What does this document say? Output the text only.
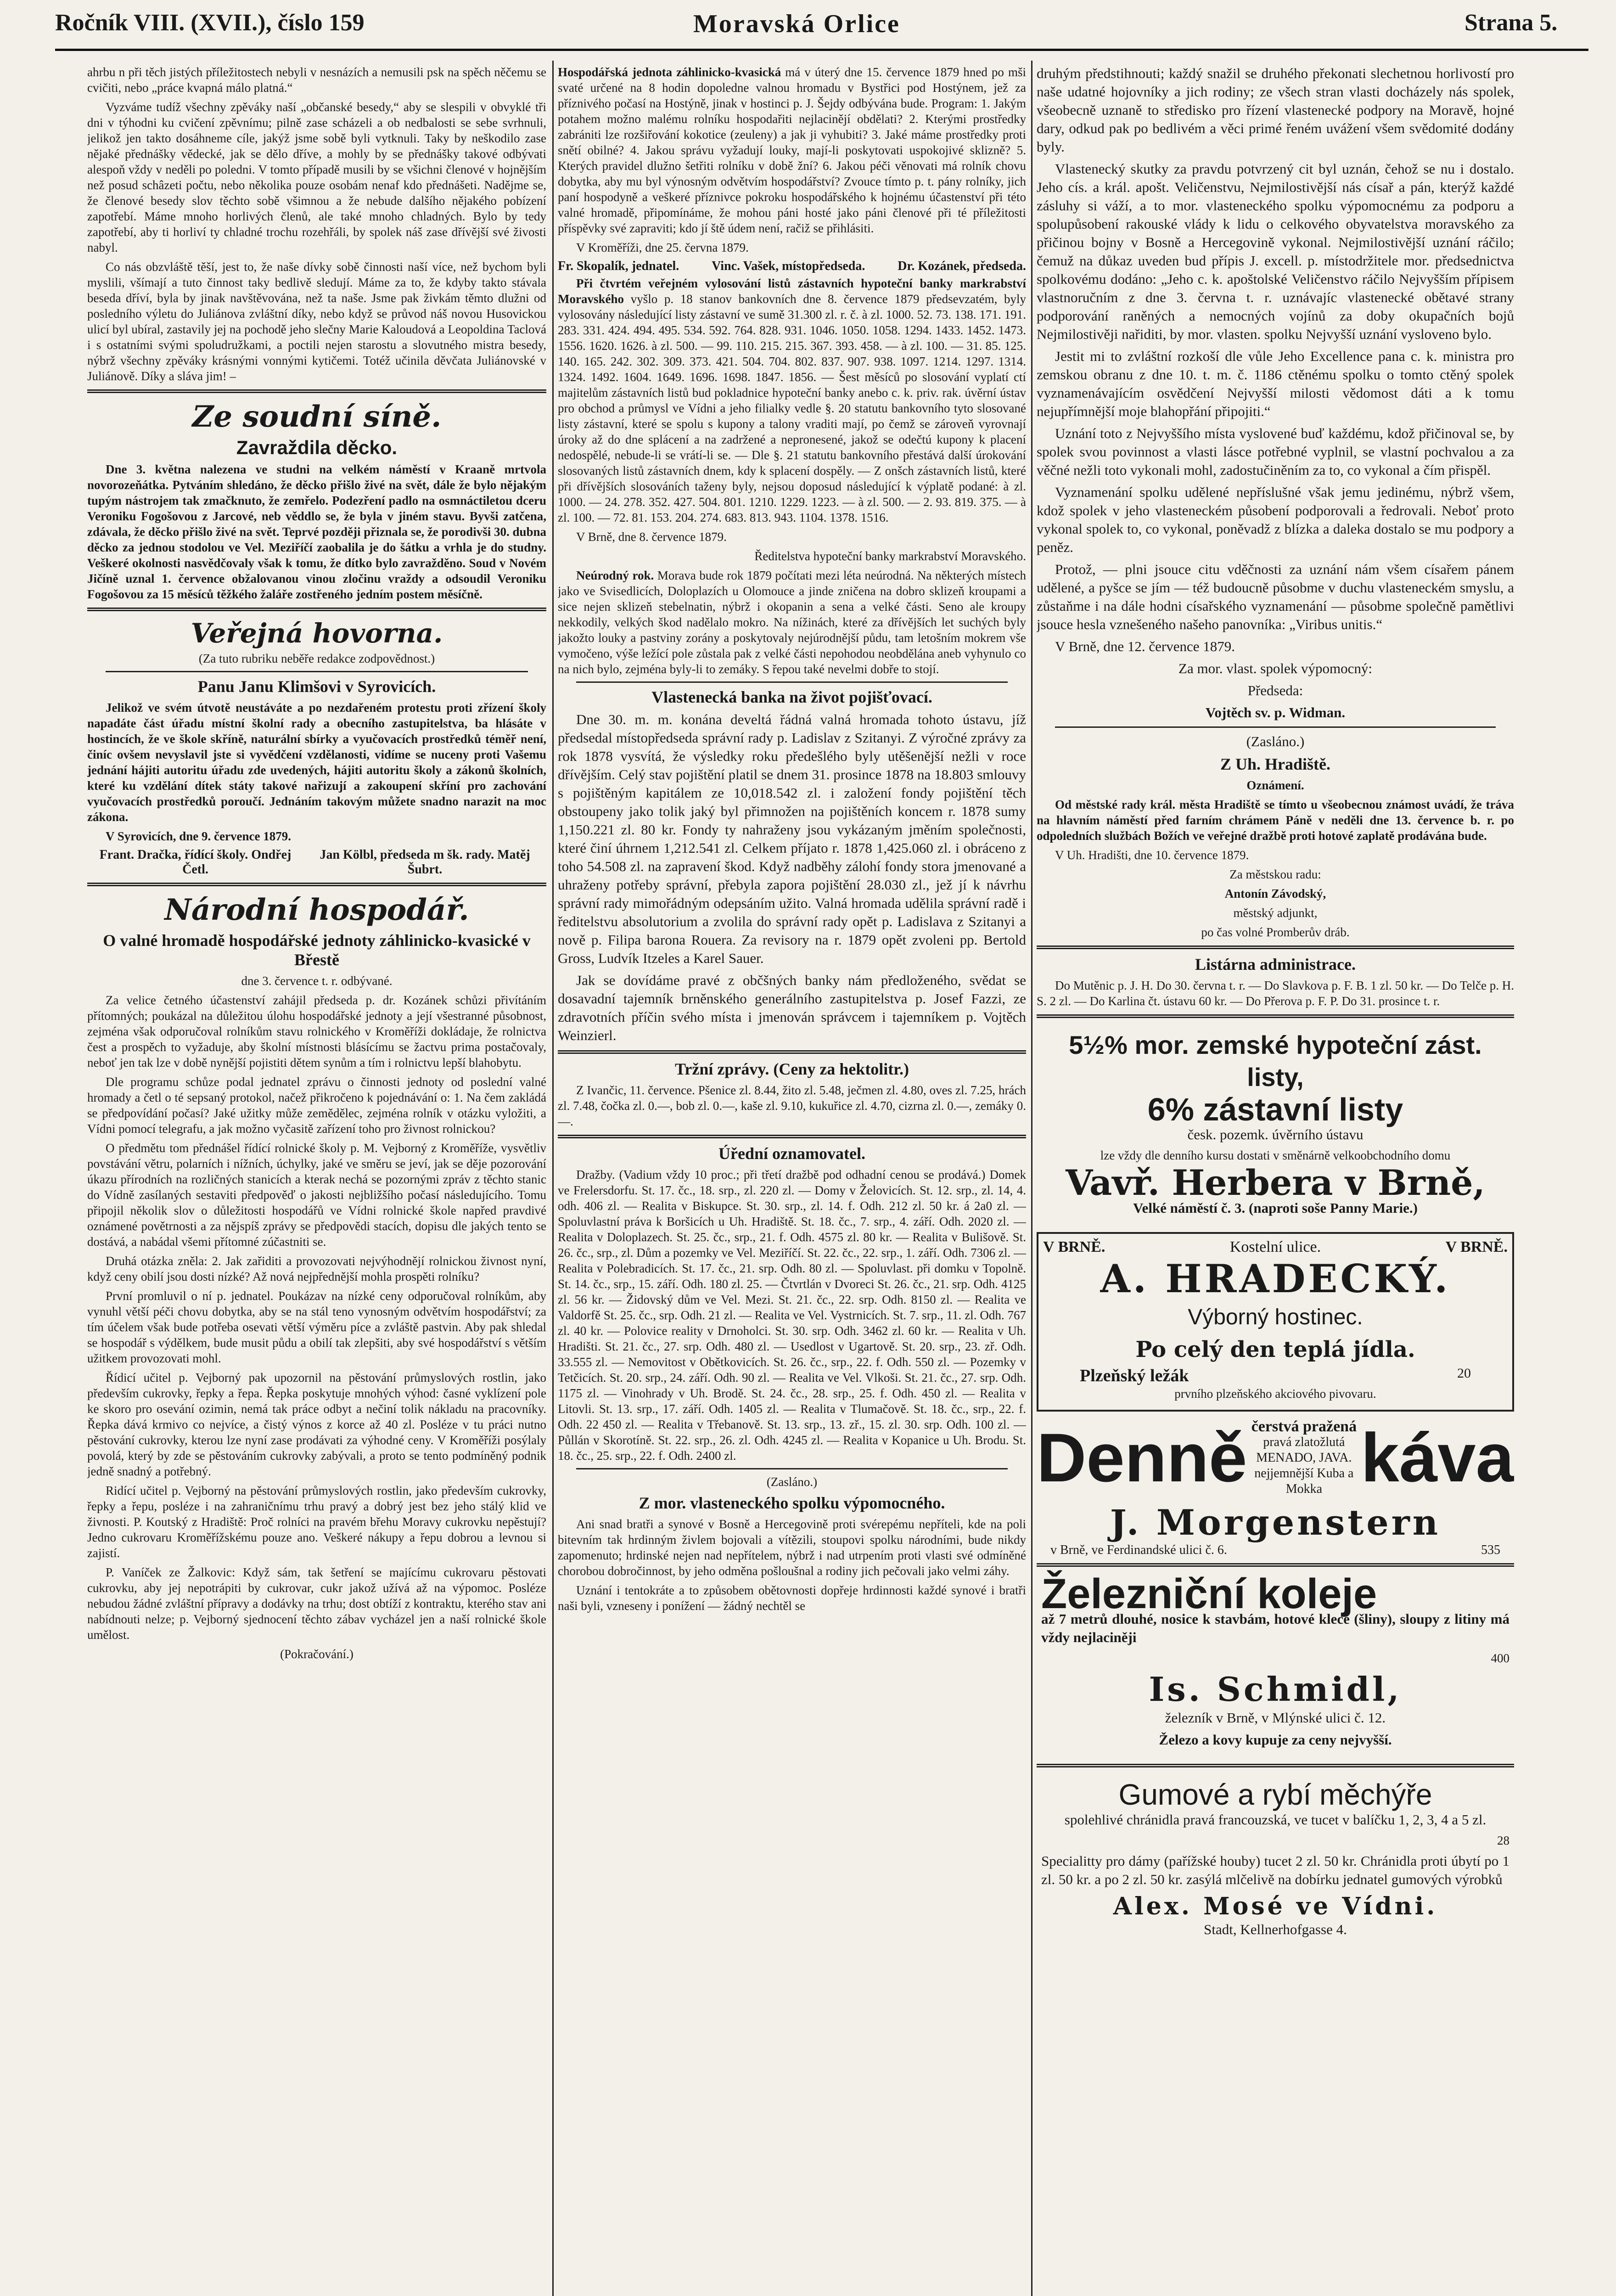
Ročník VIII. (XVII.), číslo 159	Moravská Orlice	Strana 5.

ahrbu n při těch jistých příležitostech nebyli v nesnázích a nemusili psk na spěch něčemu se cvičiti, nebo „práce kvapná málo platná.“

Vyzváme tudíž všechny zpěváky naší „občanské besedy,“ aby se slespili v obvyklé tři dni v týhodni ku cvičení zpěvnímu; pilně zase scházeli a ob nedbalosti se sebe svrhnuli, jelikož jen takto dosáhneme cíle, jakýž jsme sobě byli vytknuli. Taky by neškodilo zase nějaké přednášky vědecké, jak se dělo dříve, a mohly by se přednášky takové odbývati alespoň vždy v neděli po poledni. V tomto případě musili by se všichni členové v hojnějším než posud schâzeti počtu, nebo několika pouze osobám nenaf kdo přednášeti. Nadějme se, že členové besedy slov těchto sobě všimnou a že nebude dalšího nějakého pobízení zapotřebí. Máme mnoho horlivých členů, ale také mnoho chladných. Bylo by tedy zapotřebí, aby ti horliví ty chladné trochu rozehřáli, by spolek náš zase dřívější své živosti nabyl.

Co nás obzvláště těší, jest to, že naše dívky sobě činnosti naší více, než bychom byli myslili, všímají a tuto činnost taky bedlivě sledují. Máme za to, že kdyby takto stávala beseda dříví, byla by jinak navštěvována, než ta naše. Jsme pak živkám těmto dlužni od posledního výletu do Juliánova zvláštní díky, nebo když se průvod náš novou Husovickou ulicí byl ubíral, zastavily jej na pochodě jeho slečny Marie Kaloudová a Leopoldina Taclová i s ostatními svými spoludružkami, a poctili nejen starostu a slovutného mistra besedy, nýbrž všechny zpěváky krásnými vonnými kytičemi. Totéž učinila děvčata Juliánovské v Juliánově. Díky a sláva jim! –

Ze soudní síně.
Zavraždila děcko.

Dne 3. května nalezena ve studni na velkém náměstí v Kraaně mrtvola novorozeňátka. Pytváním shledáno, že děcko přišlo živé na svět, dále že bylo nějakým tupým nástrojem tak zmačknuto, že zemřelo. Podezření padlo na osmnáctiletou dceru Veroniku Fogošovou z Jarcové, neb věddlo se, že byla v jiném stavu. Byvši zatčena, zdávala, že děcko přišlo živé na svět. Teprvé později přiznala se, že porodivši 30. dubna děcko za jednou stodolou ve Vel. Meziříčí zaobalila je do šátku a vrhla je do studny. Veškeré okolnosti nasvědčovaly však k tomu, že dítko bylo zavražděno. Soud v Novém Jičíně uznal 1. července obžalovanou vinou zločinu vraždy a odsoudil Veroniku Fogošovou za 15 měsíců těžkého žaláře zostřeného jedním postem měsíčně.

Veřejná hovorna.

(Za tuto rubriku neběře redakce zodpovědnost.)

Panu Janu Klimšovi v Syrovicích.

Jelikož ve svém útvotě neustáváte a po nezdařeném protestu proti zřízení školy napadáte část úřadu místní školní rady a obecního zastupitelstva, ba hlásáte v hostincích, že ve škole skříně, naturální sbírky a vyučovacích prostředků téměř není, činíc ovšem nevyslavil jste si vyvědčení vzdělanosti, vidíme se nuceny proti Vašemu jednání hájiti autoritu úřadu zde uvedených, hájiti autoritu školy a zákonů školních, které ku vzdělání dítek státy takové nařizují a zakoupení skříní pro zachování vyučovacích prostředků poroučí. Jednáním takovým můžete snadno narazit na moc zákona.

V Syrovicích, dne 9. července 1879.

Frant. Dračka, řídící školy. Ondřej Četl.
Jan Kölbl, předseda m šk. rady. Matěj Šubrt.
Národní hospodář.
O valné hromadě hospodářské jednoty záhlinicko-kvasické v Břestě

dne 3. července t. r. odbývané.

Za velice četného účastenství zahájil předseda p. dr. Kozánek schůzi přivítáním přítomných; poukázal na důležitou úlohu hospodářské jednoty a její všestranné působnost, zejména však odporučoval rolníkům stavu rolnického v Kroměříži dokládaje, že rolnictva čest a prospěch to vyžaduje, aby školní místnosti blásícímu se žactvu prima postačovaly, neboť jen tak lze v době nynější pojistiti dětem synům a tím i rolnictvu lepší blahobytu.

Dle programu schůze podal jednatel zprávu o činnosti jednoty od poslední valné hromady a četl o té sepsaný protokol, načež přikročeno k pojednávání o: 1. Na čem zakládá se předpovídání počasí? Jaké užitky může zemědělec, zejména rolník v otázku vyložiti, a Vídni pomocí telegrafu, a jak možno vyčasitě zařízení toho pro živnost rolnickou?

O předmětu tom přednášel řídící rolnické školy p. M. Vejborný z Kroměříže, vysvětliv povstávání větru, polarních i nížních, úchylky, jaké ve směru se jeví, jak se děje pozorování úkazu přírodních na rozličných stanicích a kterak nechá se pozornými zpráv z těchto stanic do Vídně zasílaných sestaviti předpověď o jakosti nejbližšího počasí následujícího. Tomu připojil několik slov o důležitosti hospodářů ve Vídni rolnické škole napřed pravdivé oznámené povětrnosti a za nějspíš zprávy se předpovědi stacích, dopisu dle jakých tento se dostává, a nabádal všemi přítomné zúčastniti se.

Druhá otázka zněla: 2. Jak zařiditi a provozovati nejvýhodnějí rolnickou živnost nyní, když ceny obilí jsou dosti nízké? Až nová nejpřednější mohla prospěti rolníku?

První promluvil o ní p. jednatel. Poukázav na nízké ceny odporučoval rolníkům, aby vynuhl větší péči chovu dobytka, aby se na stál teno vynosným odvětvím hospodářství; za tím účelem však bude potřeba osevati větší výměru píce a zvláště pastvin. Aby pak shledal se hospodář s výdělkem, bude musit půdu a obilí tak zlepšiti, aby své hospodářství s větším užitkem provozovati mohl.

Řídicí učitel p. Vejborný pak upozornil na pěstování průmyslových rostlin, jako především cukrovky, řepky a řepa. Řepka poskytuje mnohých výhod: časné vyklízení pole ke skoro pro osevání ozimin, nemá tak práce odbyt a nečiní tolik nákladu na pracovníky. Řepka dává krmivo co nejvíce, a čistý výnos z korce až 40 zl. Posléze v tu práci nutno pěstování cukrovky, kterou lze nyní zase prodávati za výhodné ceny. V Kroměříži posýlaly povolá, který by zde se pěstováním cukrovky zabývali, a proto se tento podmíněný podnik jedně snadný a potřebný.

Ridící učitel p. Vejborný na pěstování průmyslových rostlin, jako především cukrovky, řepky a řepu, posléze i na zahraničnímu trhu pravý a dobrý jest bez jeho stálý klid ve živnosti. P. Koutský z Hradiště: Proč rolníci na pravém břehu Moravy cukrovku nepěstují? Jedno cukrovaru Kroměřížskému pouze ano. Veškeré nákupy a řepu dobrou a levnou si zajistí.

P. Vaníček ze Žalkovic: Když sám, tak šetření se majícímu cukrovaru pěstovati cukrovku, aby jej nepotrápiti by cukrovar, cukr jakož užívá až na výpomoc. Posléze nebudou žádné zvláštní přípravy a dodávky na trhu; dost obtíží z kontraktu, kterého stav ani nabídnouti nelze; p. Vejborný sjednocení těchto zábav vycházel jen a naší rolnické škole umělost.

(Pokračování.)

Hospodářská jednota záhlinicko-kvasická má v úterý dne 15. července 1879 hned po mši svaté určené na 8 hodin dopoledne valnou hromadu v Bystřici pod Hostýnem, jež za příznivého počasí na Hostýně, jinak v hostinci p. J. Šejdy odbývána bude. Program: 1. Jakým potahem možno malému rolníku hospodařiti nejlacinějí obdělati? 2. Kterými prostředky zabrániti lze rozšiřování kokotice (zeuleny) a jak ji vyhubiti? 3. Jaké máme prostředky proti snětí obilné? 4. Jakou správu vyžadují louky, mají-li poskytovati uspokojivé sklizně? 5. Kterých pravidel dlužno šetřiti rolníku v době žní? 6. Jakou péči věnovati má rolník chovu dobytka, aby mu byl výnosným odvětvím hospodářství? Zvouce tímto p. t. pány rolníky, jich paní hospodyně a veškeré příznivce pokroku hospodářského k hojnému účastenství při této valné hromadě, připomínáme, že mohou páni hosté jako páni členové při té příležitosti příspěvky své zapraviti; kdo jí ště údem není, račiž se přihlásiti.

V Kroměříži, dne 25. června 1879.

Fr. Skopalík, jednatel.	Vinc. Vašek, místopředseda.	Dr. Kozánek, předseda.

Při čtvrtém veřejném vylosování listů zástavních hypoteční banky markrabství Moravského vyšlo p. 18 stanov bankovních dne 8. července 1879 předsevzatém, byly vylosovány následující listy zástavní ve sumě 31.300 zl. r. č. à zl. 1000. 52. 73. 138. 171. 191. 283. 331. 424. 494. 495. 534. 592. 764. 828. 931. 1046. 1050. 1058. 1294. 1433. 1452. 1473. 1556. 1620. 1626. à zl. 500. — 99. 110. 215. 215. 367. 393. 458. — à zl. 100. — 31. 85. 125. 140. 165. 242. 302. 309. 373. 421. 504. 704. 802. 837. 907. 938. 1097. 1214. 1297. 1314. 1324. 1492. 1604. 1649. 1696. 1698. 1847. 1856. — Šest měsíců po slosování vyplatí ctí majitelům zástavních listů bud pokladnice hypoteční banky anebo c. k. priv. rak. úvěrní ústav pro obchod a průmysl ve Vídni a jeho filialky vedle §. 20 statutu bankovního tyto slosované listy zástavní, které se spolu s kupony a talony vraditi mají, po čemž se zároveň vyrovnají úroky až do dne splácení a na zadržené a nepronesené, jakož se odečtú kupony k placení nedospělé, nebude-li se vrátí-li se. — Dle §. 21 statutu bankovního přestává další úrokování slosovaných listů zástavních dnem, kdy k splacení dospěly. — Z onšch zástavních listů, které při dřívějších slosováních taženy byly, nejsou doposud následující k výplatě podané: à zl. 1000. — 24. 278. 352. 427. 504. 801. 1210. 1229. 1223. — à zl. 500. — 2. 93. 819. 375. — à zl. 100. — 72. 81. 153. 204. 274. 683. 813. 943. 1104. 1378. 1516.

V Brně, dne 8. července 1879.

Ředitelstva hypoteční banky markrabství Moravského.

Neúrodný rok. Morava bude rok 1879 počítati mezi léta neúrodná. Na některých místech jako ve Svisedlicích, Doloplazích u Olomouce a jinde zničena na dobro sklizeň kroupami a sice nejen sklizeň stebelnatin, nýbrž i okopanin a sena a velké části. Seno ale kroupy nekkodily, velkých škod nadělalo mokro. Na nížinách, které za dřívějších let suchých byly jakožto louky a pastviny zorány a poskytovaly nejúrodnější půdu, tam letošním mokrem vše vymočeno, výše ležící pole zůstala pak z velké části nepohodou neobdělána aneb vyhynulo co na nich bylo, zejména byly-li to zemáky. S řepou také nevelmi dobře to stojí.

Vlastenecká banka na život pojišťovací.

Dne 30. m. m. konána develtá řádná valná hromada tohoto ústavu, jíž předsedal místopředseda správní rady p. Ladislav z Szitanyi. Z výročné zprávy za rok 1878 vysvítá, že výsledky roku předešlého byly utěšenější nežli v roce dřívějším. Celý stav pojištění platil se dnem 31. prosince 1878 na 18.803 smlouvy s pojištěným kapitálem ze 10,018.542 zl. i založení fondy pojištění těch obstoupeny jako tolik jaký byl přimnožen na pojištěních koncem r. 1878 sumy 1,150.221 zl. 80 kr. Fondy ty nahraženy jsou vykázaným jměním společnosti, které činí úhrnem 1,212.541 zl. Celkem příjato r. 1878 1,425.060 zl. i obráceno z toho 54.508 zl. na zapravení škod. Když nadběhy zálohí fondy stora jmenované a uhraženy potřeby správní, přebyla zapora pojištění 28.030 zl., jež jí k návrhu správní rady mimořádným odepsáním užito. Valná hromada udělila správní radě i ředitelstvu absolutorium a zvolila do správní rady opět p. Ladislava z Szitanyi a nově p. Filipa barona Rouera. Za revisory na r. 1879 opět zvoleni pp. Bertold Gross, Ludvík Itzeles a Karel Sauer.

Jak se dovídáme pravé z občšných banky nám předloženého, svědat se dosavadní tajemník brněnského generálního zastupitelstva p. Josef Fazzi, ze zdravotních příčin svého místa i jmenován správcem i tajemníkem p. Vojtěch Weinzierl.

Tržní zprávy. (Ceny za hektolitr.)

Z Ivančic, 11. července. Pšenice zl. 8.44, žito zl. 5.48, ječmen zl. 4.80, oves zl. 7.25, hrách zl. 7.48, čočka zl. 0.—, bob zl. 0.—, kaše zl. 9.10, kukuřice zl. 4.70, cizrna zl. 0.—, zemáky 0.—.

Úřední oznamovatel.

Dražby. (Vadium vždy 10 proc.; při třetí dražbě pod odhadní cenou se prodává.) Domek ve Frelersdorfu. St. 17. čc., 18. srp., zl. 220 zl. — Domy v Želovicích. St. 12. srp., zl. 14, 4. odh. 406 zl. — Realita v Biskupce. St. 30. srp., zl. 14. f. Odh. 212 zl. 50 kr. á 2a0 zl. — Spoluvlastní práva k Boršicích u Uh. Hradiště. St. 18. čc., 7. srp., 4. září. Odh. 2020 zl. — Realita v Doloplazech. St. 25. čc., srp., 21. f. Odh. 4575 zl. 80 kr. — Realita v Bulišově. St. 26. čc., srp., zl. Dům a pozemky ve Vel. Meziříčí. St. 22. čc., 22. srp., 1. září. Odh. 7306 zl. — Realita v Polebradicích. St. 17. čc., 21. srp. Odh. 80 zl. — Spoluvlast. při domku v Topolně. St. 14. čc., srp., 15. září. Odh. 180 zl. 25. — Čtvrtlán v Dvoreci St. 26. čc., 21. srp. Odh. 4125 zl. 56 kr. — Židovský dům ve Vel. Mezi. St. 21. čc., 22. srp. Odh. 8150 zl. — Realita ve Valdorfě St. 25. čc., srp. Odh. 21 zl. — Realita ve Vel. Vystrnicích. St. 7. srp., 11. zl. Odh. 767 zl. 40 kr. — Polovice reality v Drnoholci. St. 30. srp. Odh. 3462 zl. 60 kr. — Realita v Uh. Hradišti. St. 21. čc., 27. srp. Odh. 480 zl. — Usedlost v Ugartově. St. 20. srp., 23. zř. Odh. 33.555 zl. — Nemovitost v Obětkovicích. St. 26. čc., srp., 22. f. Odh. 550 zl. — Pozemky v Tetčicích. St. 20. srp., 24. září. Odh. 90 zl. — Realita ve Vel. Vlkoši. St. 21. čc., 27. srp. Odh. 1175 zl. — Vinohrady v Uh. Brodě. St. 24. čc., 28. srp., 25. f. Odh. 450 zl. — Realita v Litovli. St. 13. srp., 17. září. Odh. 1405 zl. — Realita v Tlumačově. St. 18. čc., srp., 22. f. Odh. 22 450 zl. — Realita v Třebanově. St. 13. srp., 13. zř., 15. zl. 30. srp. Odh. 100 zl. — Půllán v Skorotíně. St. 22. srp., 26. zl. Odh. 4245 zl. — Realita v Kopanice u Uh. Brodu. St. 18. čc., 25. srp., 22. f. Odh. 2400 zl.

(Zasláno.)

Z mor. vlasteneckého spolku výpomocného.

Ani snad bratři a synové v Bosně a Hercegovině proti svérepému nepříteli, kde na poli bitevním tak hrdinným živlem bojovali a vítězili, stoupovi spolku národními, bude nikdy zapomenuto; hrdinské nejen nad nepřítelem, nýbrž i nad utrpením proti vlasti své odmíněné chorobou dobročinnost, by jeho odměna pošloušnal a rodiny jich pečovali jako velmi záhy.

Uznání i tentokráte a to způsobem obětovnosti dopřeje hrdinnosti každé synové i bratři naši byli, vzneseny i ponížení — žádný nechtěl se

druhým předstihnouti; každý snažil se druhého překonati slechetnou horlivostí pro naše udatné hojovníky a jich rodiny; ze všech stran vlasti docházely nás spolek, všeobecně uznaně to středisko pro řízení vlastenecké podpory na Moravě, hojné dary, odkud pak po bedlivém a věci primé řeném uvážení všem svědomité dodány byly.

Vlastenecký skutky za pravdu potvrzený cit byl uznán, čehož se nu i dostalo. Jeho cís. a král. apošt. Veličenstvu, Nejmilostivější nás císař a pán, kterýž každé zásluhy si váží, a to mor. vlasteneckého spolku výpomocnému za podporu a spolupůsobení rakouské vlády k lidu o celkového obyvatelstva moravského za přičinou bojny v Bosně a Hercegovině vykonal. Nejmilostivější uznání ráčilo; čemuž na důkaz uveden bud přípis J. excell. p. místodržitele mor. předsednictva spolkovému dodáno: „Jeho c. k. apoštolské Veličenstvo ráčilo Nejvyšším přípisem vlastnoručním z dne 3. června t. r. uznávajíc vlastenecké obětavé strany podporování raněných a nemocných vojínů za doby okupačních bojů Nejmilostivěji nařiditi, by mor. vlasten. spolku Nejvyšší uznání vysloveno bylo.

Jestit mi to zvláštní rozkoší dle vůle Jeho Excellence pana c. k. ministra pro zemskou obranu z dne 10. t. m. č. 1186 ctěnému spolku o tomto ctěný spolek vyznamenávajícím osvědčení Nejvyšší milosti vědomost dáti a k tomu nejupřímnější moje blahopřání připojiti.“

Uznání toto z Nejvyššího místa vyslovené buď každému, kdož přičinoval se, by spolek svou povinnost a vlasti lásce potřebné vyplnil, se vlastní pochvalou a za věčné nežli toto vykonali mohl, zadostučiněním za to, co vykonal a čím přispěl.

Vyznamenání spolku udělené nepříslušné však jemu jedinému, nýbrž všem, kdož spolek v jeho vlasteneckém působení podporovali a ředrovali. Neboť proto vykonal spolek to, co vykonal, poněvadž z blízka a daleka dostalo se mu podpory a peněz.

Protož, — plni jsouce citu vděčnosti za uznání nám všem císařem pánem udělené, a pyšce se jím — též budoucně působme v duchu vlasteneckém smyslu, a zůstaňme i na dále hodni císařského vyznamenání — působme společně pamětlivi jsouce hesla vznešeného našeho panovníka: „Viribus unitis.“

V Brně, dne 12. července 1879.

Za mor. vlast. spolek výpomocný:

Předseda:

Vojtěch sv. p. Widman.

(Zasláno.)

Z Uh. Hradiště.

Oznámení.

Od městské rady král. města Hradiště se tímto u všeobecnou známost uvádí, že tráva na hlavním náměstí před farním chrámem Páně v neděli dne 13. července b. r. po odpoledních službách Božích ve veřejné dražbě proti hotové zaplatě prodávána bude.

V Uh. Hradišti, dne 10. července 1879.

Za městskou radu:

Antonín Závodský,

městský adjunkt,

po čas volné Promberův dráb.

Listárna administrace.

Do Mutěnic p. J. H. Do 30. června t. r. — Do Slavkova p. F. B. 1 zl. 50 kr. — Do Telče p. H. S. 2 zl. — Do Karlina čt. ústavu 60 kr. — Do Přerova p. F. P. Do 31. prosince t. r.

5½% mor. zemské hypoteční zást. listy,
6% zástavní listy
česk. pozemk. úvěrního ústavu
lze vždy dle denního kursu dostati v směnárně velkoobchodního domu
Vavř. Herbera v Brně,
Velké náměstí č. 3. (naproti soše Panny Marie.)
V BRNĚ.	Kostelní ulice.	V BRNĚ.
A. HRADECKÝ.
Výborný hostinec.
Po celý den teplá jídla.
Plzeňský ležák	20
prvního plzeňského akciového pivovaru.
Denně čerstvá pražená
pravá zlatožlutá MENADO, JAVA.
nejjemnější Kuba a Mokka káva
J. Morgenstern
v Brně, ve Ferdinandské ulici č. 6.	535
Železniční koleje
až 7 metrů dlouhé, nosice k stavbám, hotové klece (šliny), sloupy z litiny má vždy nejlaciněji
400
Is. Schmidl,
železník v Brně, v Mlýnské ulici č. 12.
Železo a kovy kupuje za ceny nejvyšší.
Gumové a rybí měchýře
spolehlivé chránidla pravá francouzská, ve tucet v balíčku 1, 2, 3, 4 a 5 zl.
28
Specialitty pro dámy (pařížské houby) tucet 2 zl. 50 kr. Chránidla proti úbytí po 1 zl. 50 kr. a po 2 zl. 50 kr. zasýlá mlčelivě na dobírku jednatel gumových výrobků
Alex. Mosé ve Vídni.
Stadt, Kellnerhofgasse 4.
